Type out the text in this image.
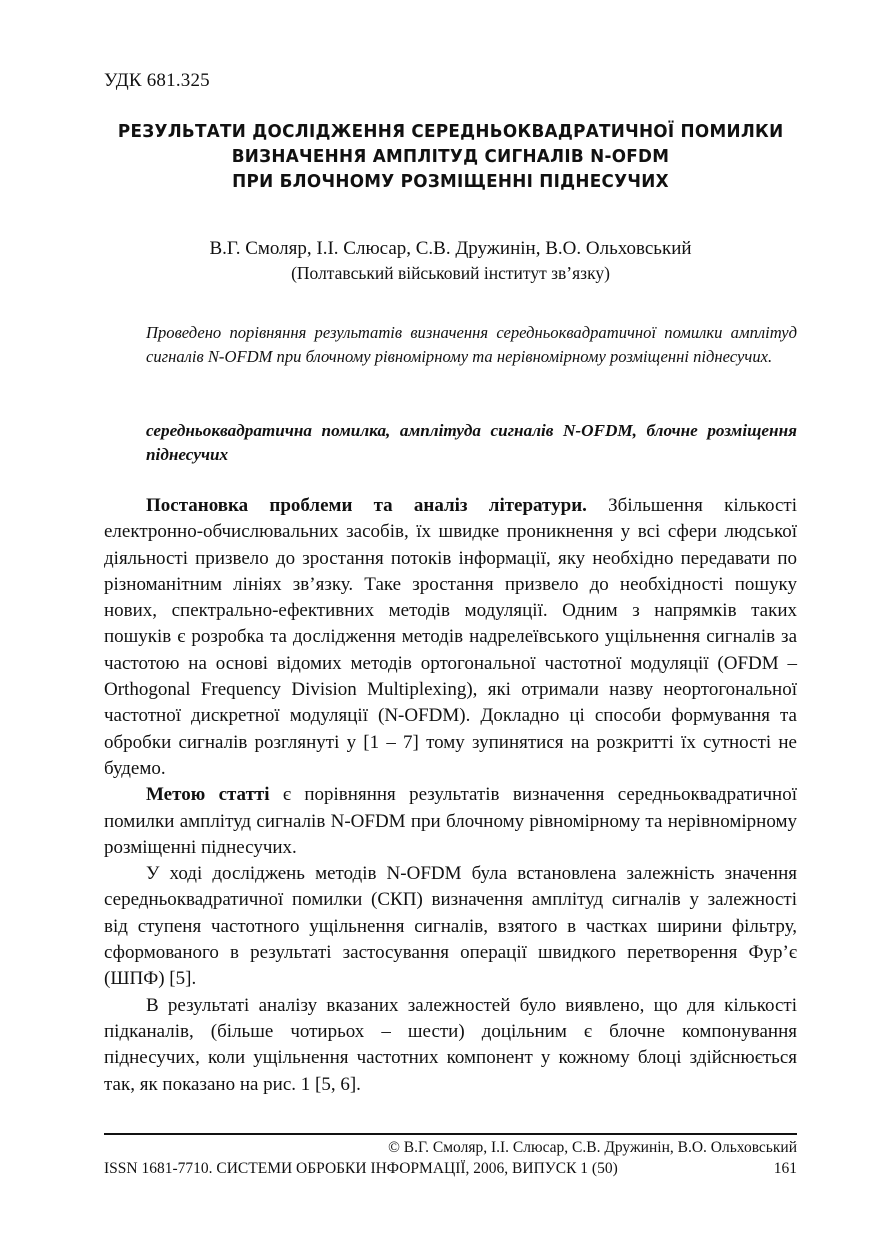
УДК 681.325
РЕЗУЛЬТАТИ ДОСЛІДЖЕННЯ СЕРЕДНЬОКВАДРАТИЧНОЇ ПОМИЛКИ
ВИЗНАЧЕННЯ АМПЛІТУД СИГНАЛІВ N-OFDM
ПРИ БЛОЧНОМУ РОЗМІЩЕННІ ПІДНЕСУЧИХ
В.Г. Смоляр, І.І. Слюсар, С.В. Дружинін, В.О. Ольховський
(Полтавський військовий інститут зв’язку)
Проведено порівняння результатів визначення середньоквадратичної помилки амплітуд сигналів N-OFDM при блочному рівномірному та нерівномірному розміщенні піднесучих.
середньоквадратична помилка, амплітуда сигналів N-OFDM, блочне розміщення піднесучих

Постановка проблеми та аналіз літератури. Збільшення кількості електронно-обчислювальних засобів, їх швидке проникнення у всі сфери людської діяльності призвело до зростання потоків інформації, яку необхідно передавати по різноманітним лініях зв’язку. Таке зростання призвело до необхідності пошуку нових, спектрально-ефективних методів модуляції. Одним з напрямків таких пошуків є розробка та дослідження методів надрелеївського ущільнення сигналів за частотою на основі відомих методів ортогональної частотної модуляції (OFDM – Orthogonal Frequency Division Multiplexing), які отримали назву неортогональної частотної дискретної модуляції (N-OFDM). Докладно ці способи формування та обробки сигналів розглянуті у [1 – 7] тому зупинятися на розкритті їх сутності не будемо.

Метою статті є порівняння результатів визначення середньоквадратичної помилки амплітуд сигналів N-OFDM при блочному рівномірному та нерівномірному розміщенні піднесучих.

У ході досліджень методів N-OFDM була встановлена залежність значення середньоквадратичної помилки (СКП) визначення амплітуд сигналів у залежності від ступеня частотного ущільнення сигналів, взятого в частках ширини фільтру, сформованого в результаті застосування операції швидкого перетворення Фур’є (ШПФ) [5].

В результаті аналізу вказаних залежностей було виявлено, що для кількості підканалів, (більше чотирьох – шести) доцільним є блочне компонування піднесучих, коли ущільнення частотних компонент у кожному блоці здійснюється так, як показано на рис. 1 [5, 6].

© В.Г. Смоляр, І.І. Слюсар, С.В. Дружинін, В.О. Ольховський
ISSN 1681-7710. СИСТЕМИ ОБРОБКИ ІНФОРМАЦІЇ, 2006, ВИПУСК 1 (50)	161
